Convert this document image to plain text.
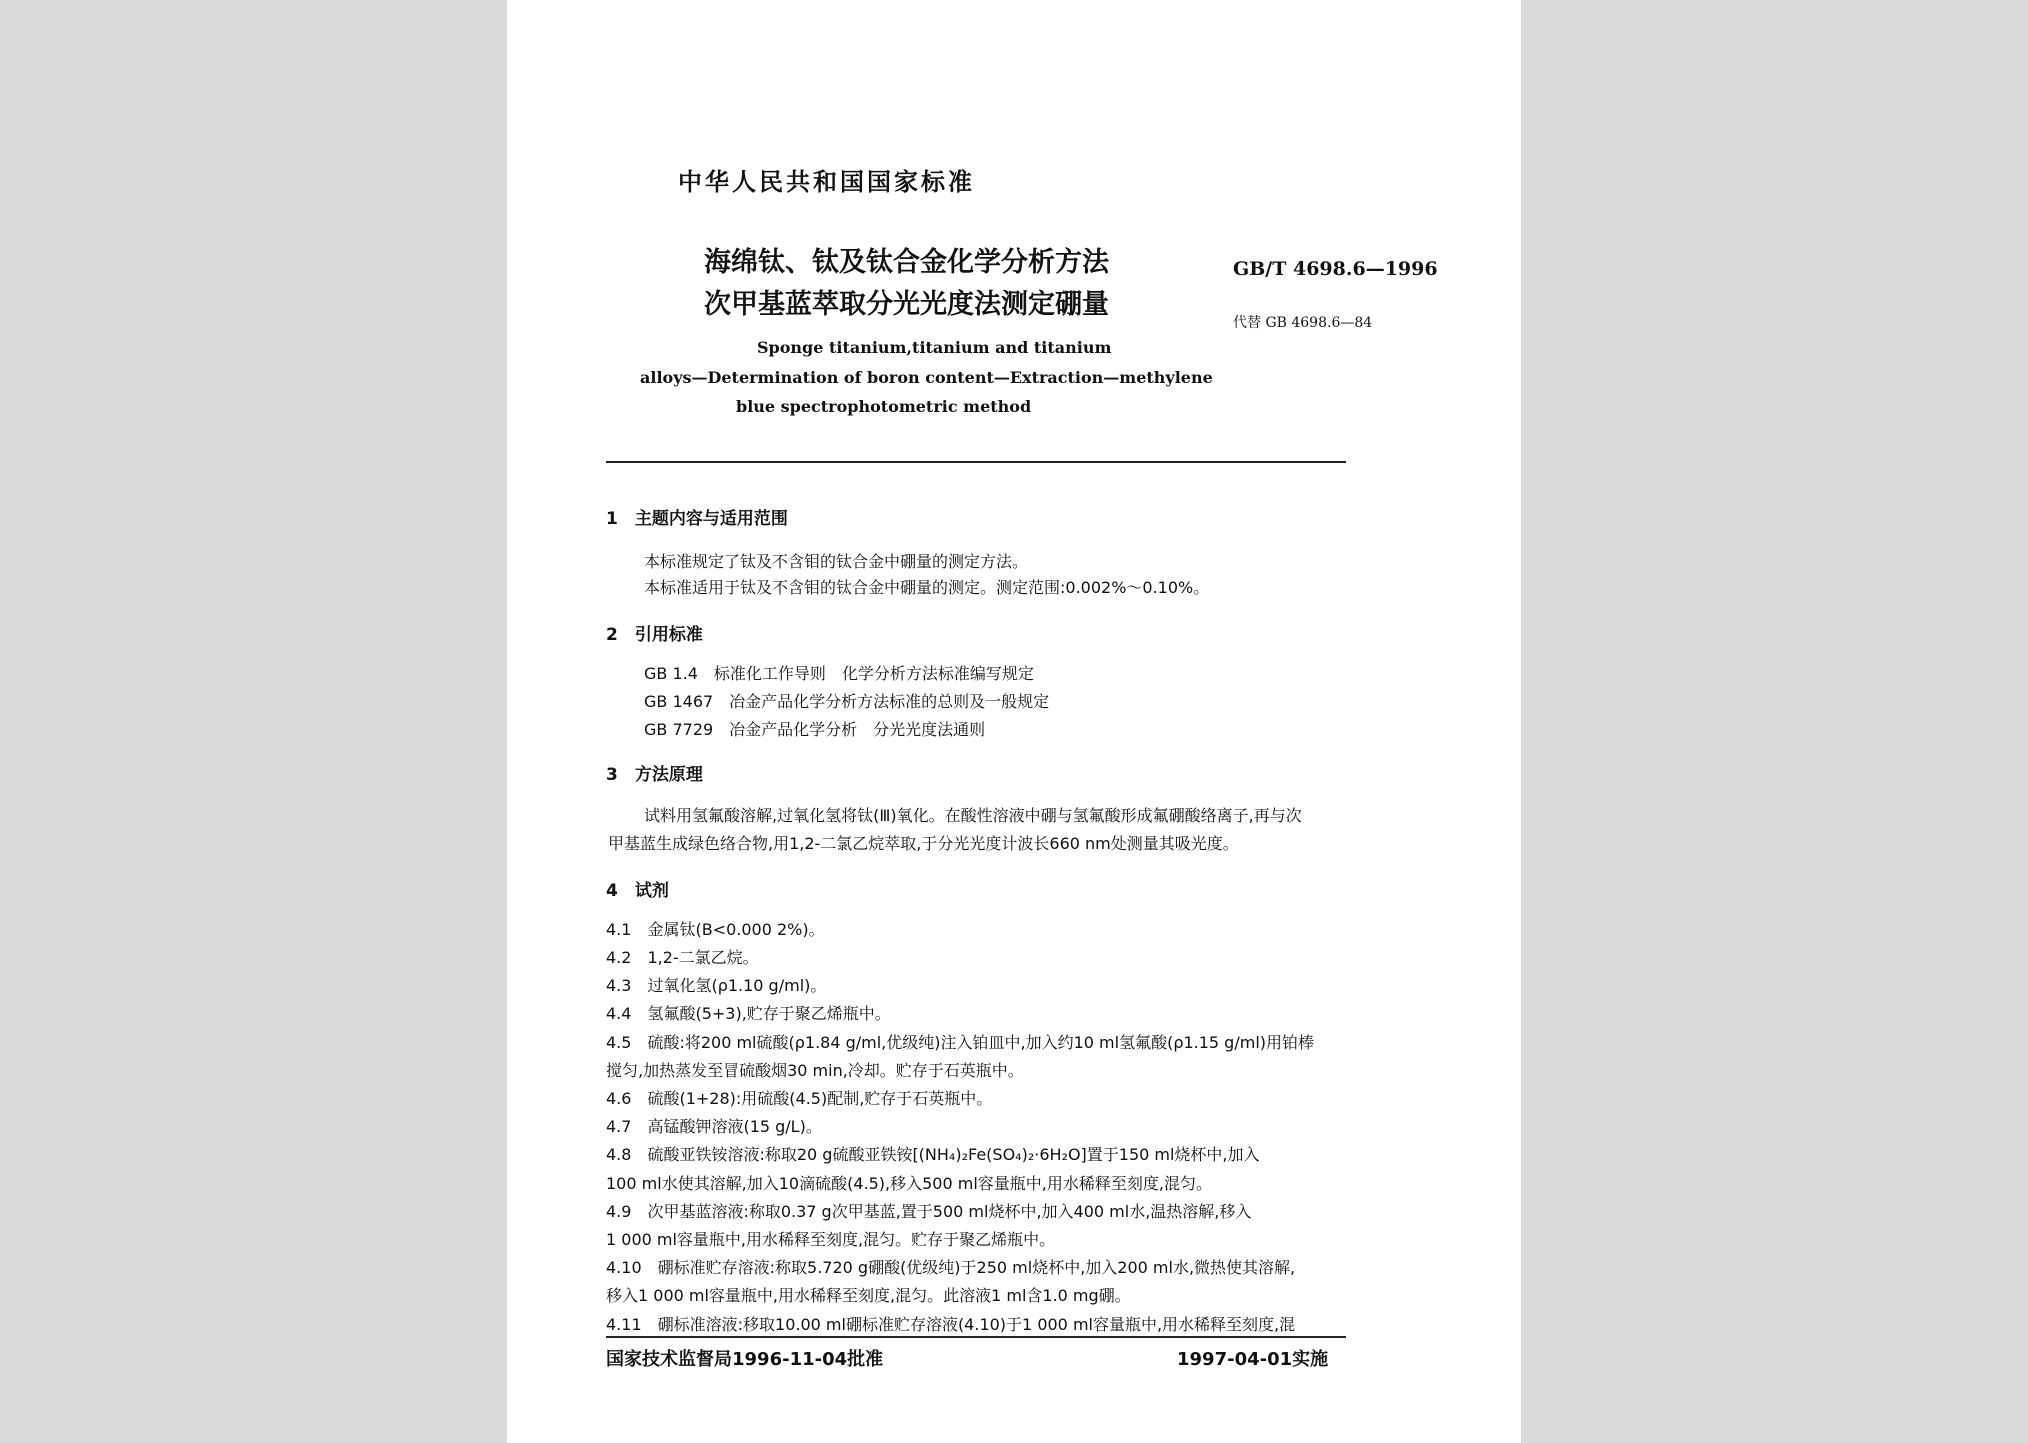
中华人民共和国国家标准
海绵钛、钛及钛合金化学分析方法
次甲基蓝萃取分光光度法测定硼量
GB/T 4698.6—1996
代替 GB 4698.6—84
Sponge titanium,titanium and titanium
alloys—Determination of boron content—Extraction—methylene
blue spectrophotometric method
1　主题内容与适用范围
本标准规定了钛及不含钼的钛合金中硼量的测定方法。
本标准适用于钛及不含钼的钛合金中硼量的测定。测定范围:0.002%～0.10%。
2　引用标准
GB 1.4　标准化工作导则　化学分析方法标准编写规定
GB 1467　冶金产品化学分析方法标准的总则及一般规定
GB 7729　冶金产品化学分析　分光光度法通则
3　方法原理
试料用氢氟酸溶解,过氧化氢将钛(Ⅲ)氧化。在酸性溶液中硼与氢氟酸形成氟硼酸络离子,再与次
甲基蓝生成绿色络合物,用1,2-二氯乙烷萃取,于分光光度计波长660 nm处测量其吸光度。
4　试剂
4.1　金属钛(B<0.000 2%)。
4.2　1,2-二氯乙烷。
4.3　过氧化氢(ρ1.10 g/ml)。
4.4　氢氟酸(5+3),贮存于聚乙烯瓶中。
4.5　硫酸:将200 ml硫酸(ρ1.84 g/ml,优级纯)注入铂皿中,加入约10 ml氢氟酸(ρ1.15 g/ml)用铂棒
搅匀,加热蒸发至冒硫酸烟30 min,冷却。贮存于石英瓶中。
4.6　硫酸(1+28):用硫酸(4.5)配制,贮存于石英瓶中。
4.7　高锰酸钾溶液(15 g/L)。
4.8　硫酸亚铁铵溶液:称取20 g硫酸亚铁铵[(NH₄)₂Fe(SO₄)₂·6H₂O]置于150 ml烧杯中,加入
100 ml水使其溶解,加入10滴硫酸(4.5),移入500 ml容量瓶中,用水稀释至刻度,混匀。
4.9　次甲基蓝溶液:称取0.37 g次甲基蓝,置于500 ml烧杯中,加入400 ml水,温热溶解,移入
1 000 ml容量瓶中,用水稀释至刻度,混匀。贮存于聚乙烯瓶中。
4.10　硼标准贮存溶液:称取5.720 g硼酸(优级纯)于250 ml烧杯中,加入200 ml水,微热使其溶解,
移入1 000 ml容量瓶中,用水稀释至刻度,混匀。此溶液1 ml含1.0 mg硼。
4.11　硼标准溶液:移取10.00 ml硼标准贮存溶液(4.10)于1 000 ml容量瓶中,用水稀释至刻度,混
国家技术监督局1996-11-04批准	1997-04-01实施
